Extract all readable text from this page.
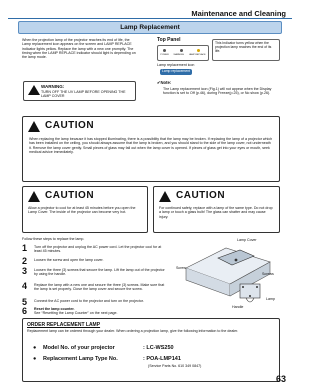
Maintenance and Cleaning
Lamp Replacement
When the projection lamp of the projector reaches its end of life, the Lamp replacement icon appears on the screen and LAMP REPLACE indicator lights yellow. Replace the lamp with a new one promptly. The timing when the LAMP REPLACE indicator should light is depending on the lamp mode.
Top Panel
POWER WARNING LAMP REPLACE
This Indicator turns yellow when the projection lamp reaches the end of its life.
Lamp replacement icon
Lamp replacement
✔Note:
The Lamp replacement icon (Fig.1) will not appear when the Display function is set to Off (p.46), during Freeze(p.25), or No show (p.26).
WARNING:
TURN OFF THE UV LAMP BEFORE OPENING THE LAMP COVER
CAUTION
When replacing the lamp because it has stopped illuminating, there is a possibility that the lamp may be broken. If replacing the lamp of a projector which has been installed on the ceiling, you should always assume that the lamp is broken, and you should stand to the side of the lamp cover, not underneath it. Remove the lamp cover gently. Small pieces of glass may fall out when the lamp cover is opened. If pieces of glass get into your eyes or mouth, seek medical advice immediately.
CAUTION
Allow a projector to cool for at least 45 minutes before you open the Lamp Cover. The inside of the projector can become very hot.
CAUTION
For continued safety, replace with a lamp of the same type. Do not drop a lamp or touch a glass bulb! The glass can shatter and may cause injury.
Follow these steps to replace the lamp.
1 Turn off the projector and unplug the AC power cord. Let the projector cool for at least 45 minutes.
2 Loosen the screw and open the lamp cover.
3 Loosen the three (3) screws that secure the lamp. Lift the lamp out of the projector by using the handle.
4 Replace the lamp with a new one and secure the three (3) screws. Make sure that the lamp is set properly. Close the lamp cover and secure the screw.
5 Connect the AC power cord to the projector and turn on the projector.
6 Reset the lamp counter.
See “Resetting the Lamp Counter” on the next page.
Lamp Cover
Screw
Screws
Lamp
Handle
ORDER REPLACEMENT LAMP
Replacement lamp can be ordered through your dealer. When ordering a projection lamp, give the following information to the dealer.
● Model No. of your projector	: LC-WS250
● Replacement Lamp Type No.	: POA-LMP141
(Service Parts No. 610 349 0847)
63
